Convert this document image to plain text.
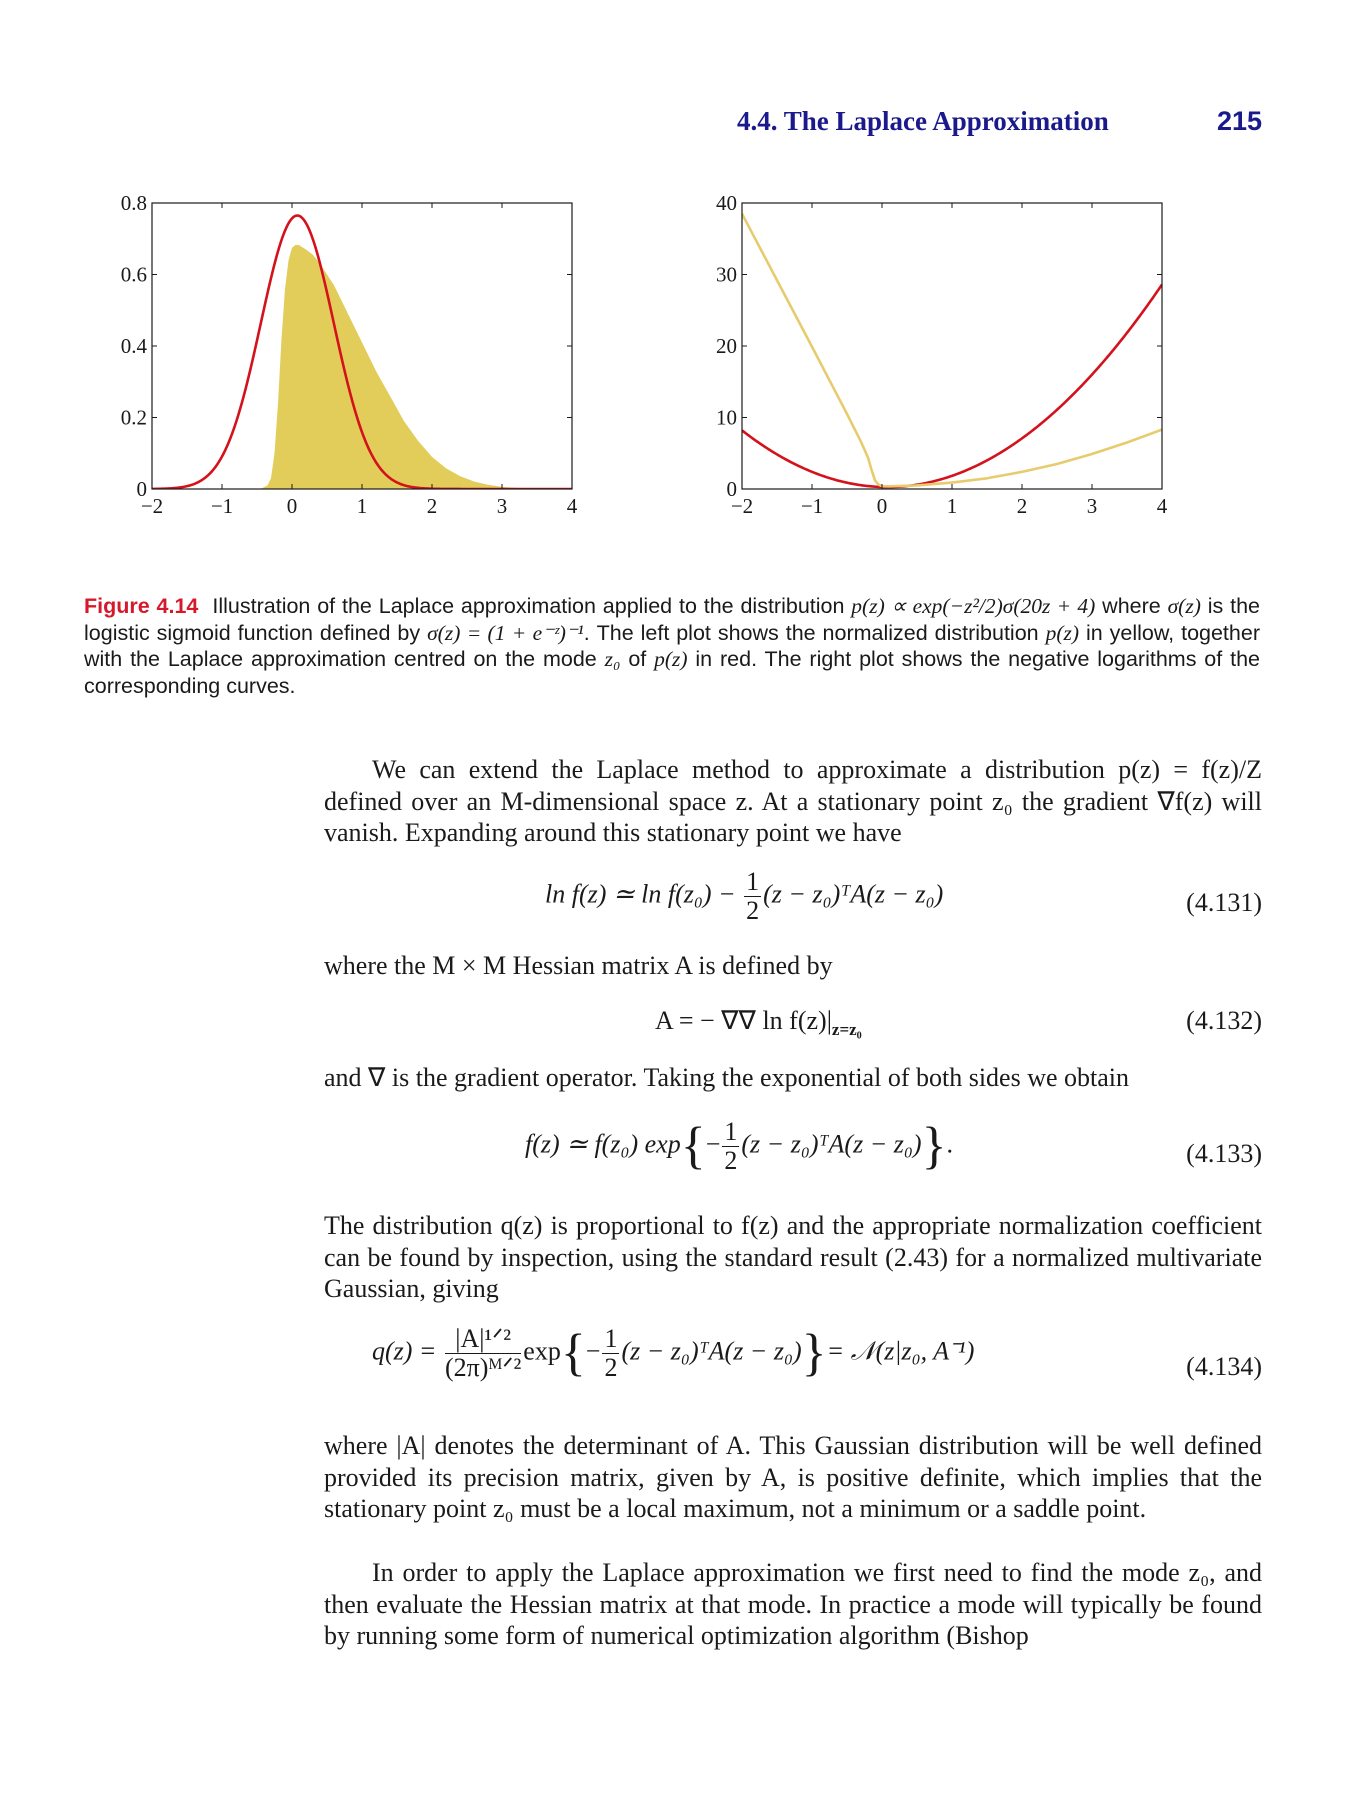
4.4. The Laplace Approximation	215
−2 −1	0	1	2	3	4
0
0.2
0.4
0.6
0.8
−2 −1	0	1	2	3	4
0
10
20
30
40
Figure 4.14 Illustration of the Laplace approximation applied to the distribution p(z) ∝ exp(−z²/2)σ(20z + 4) where σ(z) is the logistic sigmoid function defined by σ(z) = (1 + e⁻ᶻ)⁻¹. The left plot shows the normalized distribution p(z) in yellow, together with the Laplace approximation centred on the mode z₀ of p(z) in red. The right plot shows the negative logarithms of the corresponding curves.
We can extend the Laplace method to approximate a distribution p(z) = f(z)/Z defined over an M-dimensional space z. At a stationary point z₀ the gradient ∇f(z) will vanish. Expanding around this stationary point we have
ln f(z) ≃ $\ln f(z_0) - \frac{1}{2} (z$ − z₀)ᵀA(z − z₀)	(4.131)
where the M × M Hessian matrix A is defined by
A = − ∇∇ $\ln f(z)|_{z=z_0}$	(4.132)
and ∇ is the gradient operator. Taking the exponential of both sides we obtain
f(z) ≃ f(z₀) $\exp\{- \frac{1}{2} (z$ − z₀)ᵀA(z − z₀)}.	(4.133)
The distribution q(z) is proportional to f(z) and the appropriate normalization coefficient can be found by inspection, using the standard result (2.43) for a normalized multivariate Gaussian, giving
$q(z) = \frac{\text{|A|¹ᐟ²}}{\text{(2π)ᴹᐟ²}} \exp\{- \frac{1}{2} (z$ − z₀)ᵀA(z − z₀)}= 𝒩(z|z₀, A⁻¹)
(4.134)
where |A| denotes the determinant of A. This Gaussian distribution will be well defined provided its precision matrix, given by A, is positive definite, which implies that the stationary point z₀ must be a local maximum, not a minimum or a saddle point.
In order to apply the Laplace approximation we first need to find the mode z₀, and then evaluate the Hessian matrix at that mode. In practice a mode will typically be found by running some form of numerical optimization algorithm (Bishop
